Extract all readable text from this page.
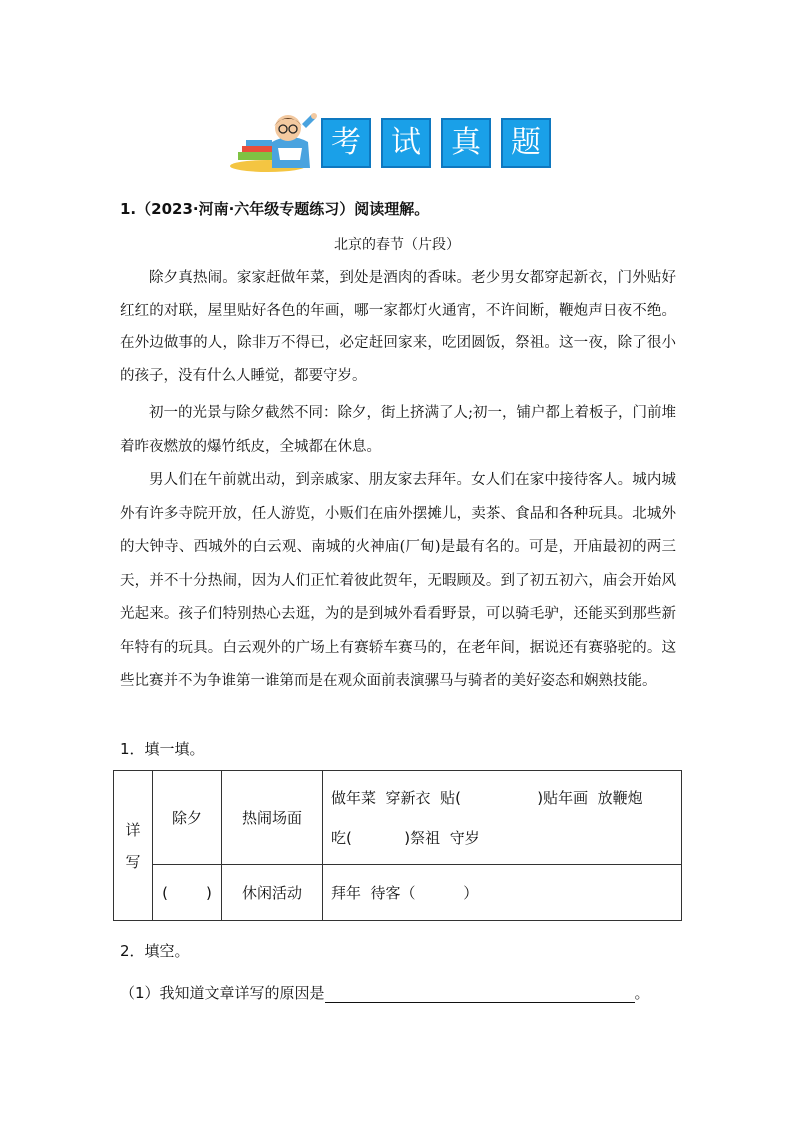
考	试	真	题
1.（2023·河南·六年级专题练习）阅读理解。
北京的春节（片段）
除夕真热闹。家家赶做年菜，到处是酒肉的香味。老少男女都穿起新衣，门外贴好红红的对联，屋里贴好各色的年画，哪一家都灯火通宵，不许间断，鞭炮声日夜不绝。在外边做事的人，除非万不得已，必定赶回家来，吃团圆饭，祭祖。这一夜，除了很小的孩子，没有什么人睡觉，都要守岁。
初一的光景与除夕截然不同：除夕，街上挤满了人;初一，铺户都上着板子，门前堆着昨夜燃放的爆竹纸皮，全城都在休息。
男人们在午前就出动，到亲戚家、朋友家去拜年。女人们在家中接待客人。城内城外有许多寺院开放，任人游览，小贩们在庙外摆摊儿，卖茶、食品和各种玩具。北城外的大钟寺、西城外的白云观、南城的火神庙(厂甸)是最有名的。可是，开庙最初的两三天，并不十分热闹，因为人们正忙着彼此贺年，无暇顾及。到了初五初六，庙会开始风光起来。孩子们特别热心去逛，为的是到城外看看野景，可以骑毛驴，还能买到那些新年特有的玩具。白云观外的广场上有赛轿车赛马的，在老年间，据说还有赛骆驼的。这些比赛并不为争谁第一谁第而是在观众面前表演骡马与骑者的美好姿态和娴熟技能。
1．填一填。
详写	除夕	热闹场面	做年菜  穿新衣  贴(                )贴年画  放鞭炮
吃(           )祭祖  守岁

	(        )	休闲活动	拜年  待客（          ）
2．填空。
（1）我知道文章详写的原因是	。
